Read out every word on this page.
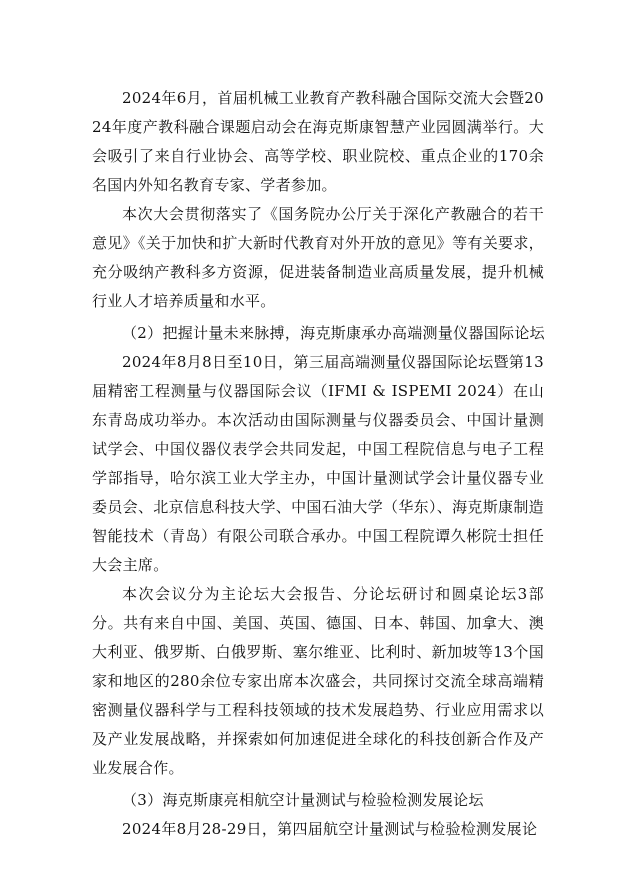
2024年6月，首届机械工业教育产教科融合国际交流大会暨2024年度产教科融合课题启动会在海克斯康智慧产业园圆满举行。大会吸引了来自行业协会、高等学校、职业院校、重点企业的170余名国内外知名教育专家、学者参加。

本次大会贯彻落实了《国务院办公厅关于深化产教融合的若干意见》《关于加快和扩大新时代教育对外开放的意见》等有关要求，充分吸纳产教科多方资源，促进装备制造业高质量发展，提升机械行业人才培养质量和水平。

（2）把握计量未来脉搏，海克斯康承办高端测量仪器国际论坛

2024年8月8日至10日，第三届高端测量仪器国际论坛暨第13届精密工程测量与仪器国际会议（IFMI & ISPEMI 2024）在山东青岛成功举办。本次活动由国际测量与仪器委员会、中国计量测试学会、中国仪器仪表学会共同发起，中国工程院信息与电子工程学部指导，哈尔滨工业大学主办，中国计量测试学会计量仪器专业委员会、北京信息科技大学、中国石油大学（华东）、海克斯康制造智能技术（青岛）有限公司联合承办。中国工程院谭久彬院士担任大会主席。

本次会议分为主论坛大会报告、分论坛研讨和圆桌论坛3部分。共有来自中国、美国、英国、德国、日本、韩国、加拿大、澳大利亚、俄罗斯、白俄罗斯、塞尔维亚、比利时、新加坡等13个国家和地区的280余位专家出席本次盛会，共同探讨交流全球高端精密测量仪器科学与工程科技领域的技术发展趋势、行业应用需求以及产业发展战略，并探索如何加速促进全球化的科技创新合作及产业发展合作。

（3）海克斯康亮相航空计量测试与检验检测发展论坛

2024年8月28-29日，第四届航空计量测试与检验检测发展论
